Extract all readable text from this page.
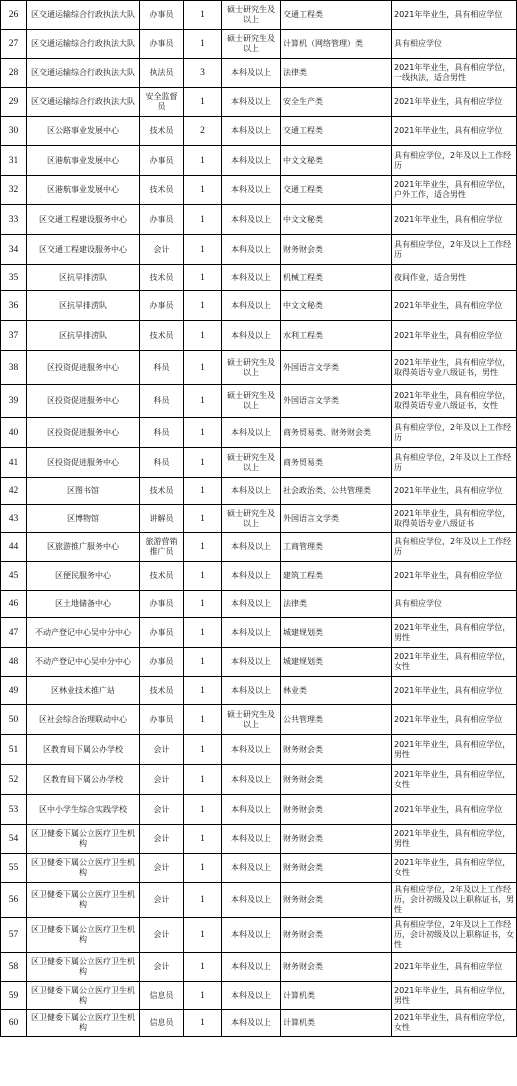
26	区交通运输综合行政执法大队	办事员	1	硕士研究生及以上	交通工程类	2021年毕业生，具有相应学位
27	区交通运输综合行政执法大队	办事员	1	硕士研究生及以上	计算机（网络管理）类	具有相应学位
28	区交通运输综合行政执法大队	执法员	3	本科及以上	法律类	2021年毕业生，具有相应学位，一线执法，适合男性
29	区交通运输综合行政执法大队	安全监督员	1	本科及以上	安全生产类	2021年毕业生，具有相应学位
30	区公路事业发展中心	技术员	2	本科及以上	交通工程类	2021年毕业生，具有相应学位
31	区港航事业发展中心	办事员	1	本科及以上	中文文秘类	具有相应学位，2年及以上工作经历
32	区港航事业发展中心	技术员	1	本科及以上	交通工程类	2021年毕业生，具有相应学位，户外工作，适合男性
33	区交通工程建设服务中心	办事员	1	本科及以上	中文文秘类	2021年毕业生，具有相应学位
34	区交通工程建设服务中心	会计	1	本科及以上	财务财会类	具有相应学位，2年及以上工作经历
35	区抗旱排涝队	技术员	1	本科及以上	机械工程类	夜间作业，适合男性
36	区抗旱排涝队	办事员	1	本科及以上	中文文秘类	2021年毕业生，具有相应学位
37	区抗旱排涝队	技术员	1	本科及以上	水利工程类	2021年毕业生，具有相应学位
38	区投资促进服务中心	科员	1	硕士研究生及以上	外国语言文学类	2021年毕业生，具有相应学位，取得英语专业八级证书，男性
39	区投资促进服务中心	科员	1	硕士研究生及以上	外国语言文学类	2021年毕业生，具有相应学位，取得英语专业八级证书，女性
40	区投资促进服务中心	科员	1	本科及以上	商务贸易类、财务财会类	具有相应学位，2年及以上工作经历
41	区投资促进服务中心	科员	1	硕士研究生及以上	商务贸易类	具有相应学位，2年及以上工作经历
42	区图书馆	技术员	1	本科及以上	社会政治类、公共管理类	2021年毕业生，具有相应学位
43	区博物馆	讲解员	1	硕士研究生及以上	外国语言文学类	2021年毕业生，具有相应学位，取得英语专业八级证书
44	区旅游推广服务中心	旅游营销推广员	1	本科及以上	工商管理类	具有相应学位，2年及以上工作经历
45	区便民服务中心	技术员	1	本科及以上	建筑工程类	2021年毕业生，具有相应学位
46	区土地储备中心	办事员	1	本科及以上	法律类	具有相应学位
47	不动产登记中心吴中分中心	办事员	1	本科及以上	城建规划类	2021年毕业生，具有相应学位，男性
48	不动产登记中心吴中分中心	办事员	1	本科及以上	城建规划类	2021年毕业生，具有相应学位，女性
49	区林业技术推广站	技术员	1	本科及以上	林业类	2021年毕业生，具有相应学位
50	区社会综合治理联动中心	办事员	1	硕士研究生及以上	公共管理类	2021年毕业生，具有相应学位
51	区教育局下属公办学校	会计	1	本科及以上	财务财会类	2021年毕业生，具有相应学位，男性
52	区教育局下属公办学校	会计	1	本科及以上	财务财会类	2021年毕业生，具有相应学位，女性
53	区中小学生综合实践学校	会计	1	本科及以上	财务财会类	2021年毕业生，具有相应学位
54	区卫健委下属公立医疗卫生机构	会计	1	本科及以上	财务财会类	2021年毕业生，具有相应学位，男性
55	区卫健委下属公立医疗卫生机构	会计	1	本科及以上	财务财会类	2021年毕业生，具有相应学位，女性
56	区卫健委下属公立医疗卫生机构	会计	1	本科及以上	财务财会类	具有相应学位，2年及以上工作经历，会计初级及以上职称证书，男性
57	区卫健委下属公立医疗卫生机构	会计	1	本科及以上	财务财会类	具有相应学位，2年及以上工作经历，会计初级及以上职称证书，女性
58	区卫健委下属公立医疗卫生机构	会计	1	本科及以上	财务财会类	2021年毕业生，具有相应学位
59	区卫健委下属公立医疗卫生机构	信息员	1	本科及以上	计算机类	2021年毕业生，具有相应学位，男性
60	区卫健委下属公立医疗卫生机构	信息员	1	本科及以上	计算机类	2021年毕业生，具有相应学位，女性
